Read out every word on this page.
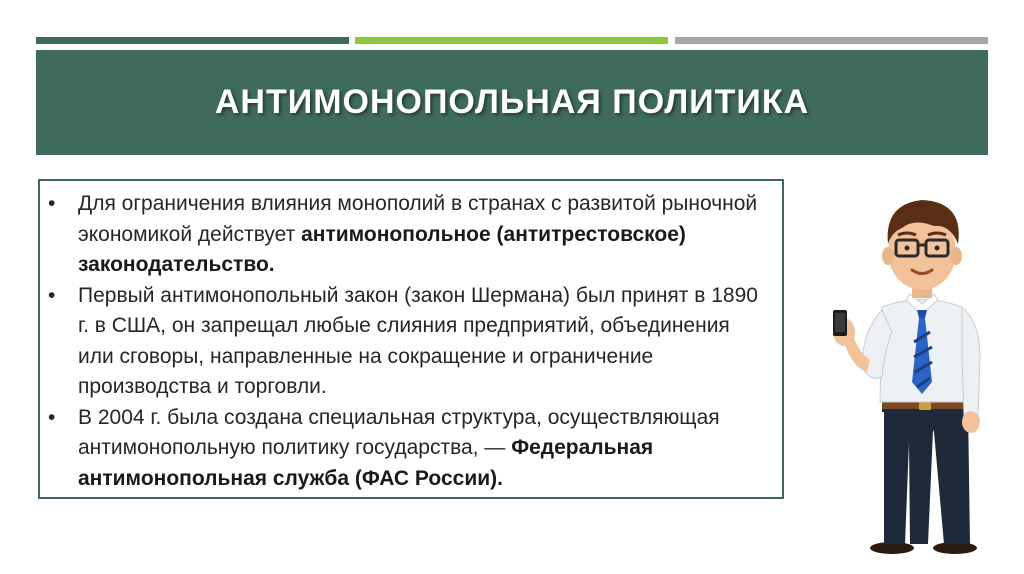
АНТИМОНОПОЛЬНАЯ ПОЛИТИКА
• Для ограничения влияния монополий в странах с развитой рыночной экономикой действует антимонопольное (антитрестовское) законодательство.
• Первый антимонопольный закон (закон Шермана) был принят в 1890 г. в США, он запрещал любые слияния предприятий, объединения или сговоры, направленные на сокращение и ограничение производства и торговли.
• В 2004 г. была создана специальная структура, осуществляющая антимонопольную политику государства, — Федеральная антимонопольная служба (ФАС России).
